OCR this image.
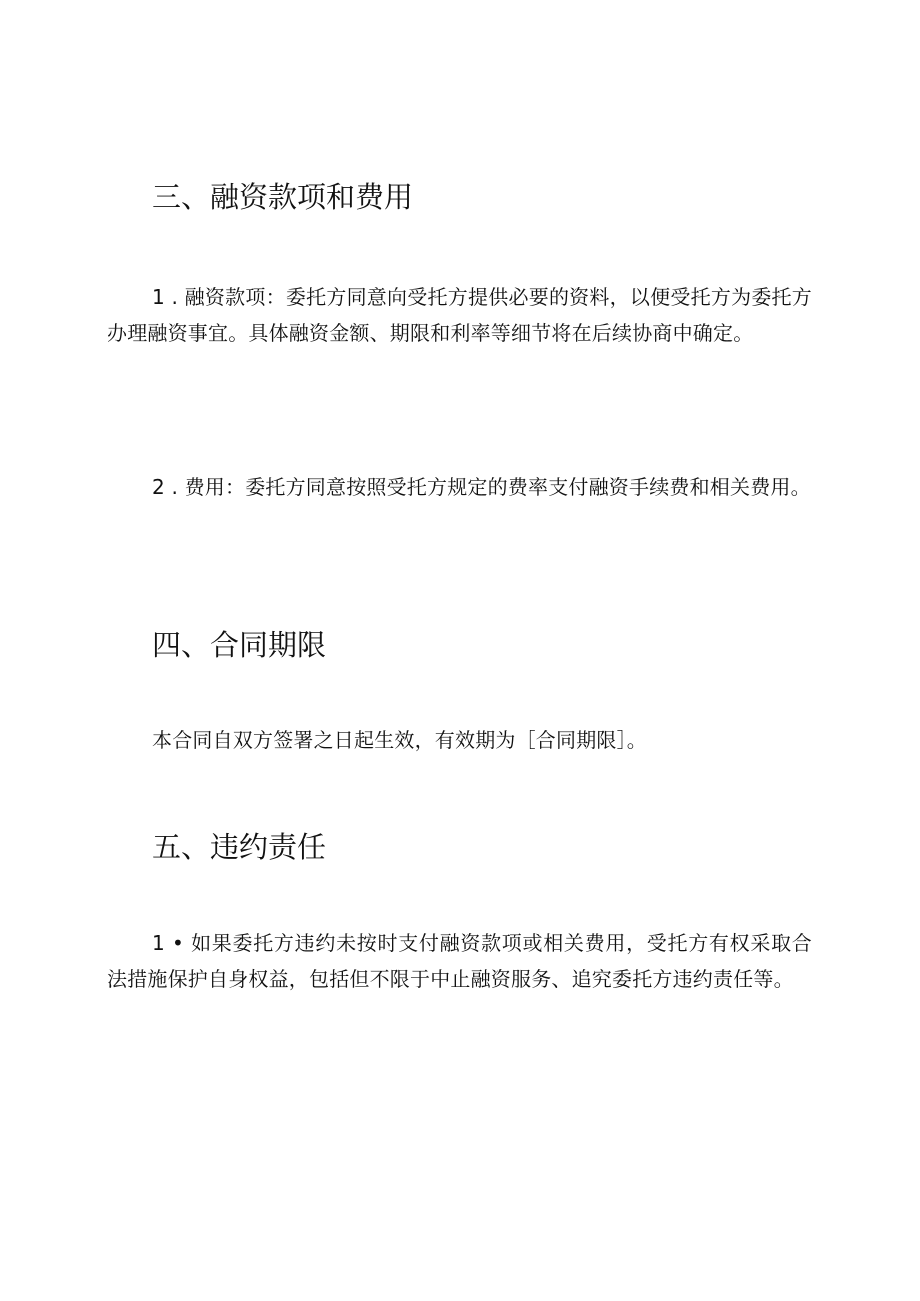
三、融资款项和费用

1 . 融资款项：委托方同意向受托方提供必要的资料，以便受托方为委托方办理融资事宜。具体融资金额、期限和利率等细节将在后续协商中确定。

2 . 费用：委托方同意按照受托方规定的费率支付融资手续费和相关费用。

四、合同期限

本合同自双方签署之日起生效，有效期为［合同期限］。

五、违约责任

1 • 如果委托方违约未按时支付融资款项或相关费用，受托方有权采取合法措施保护自身权益，包括但不限于中止融资服务、追究委托方违约责任等。
